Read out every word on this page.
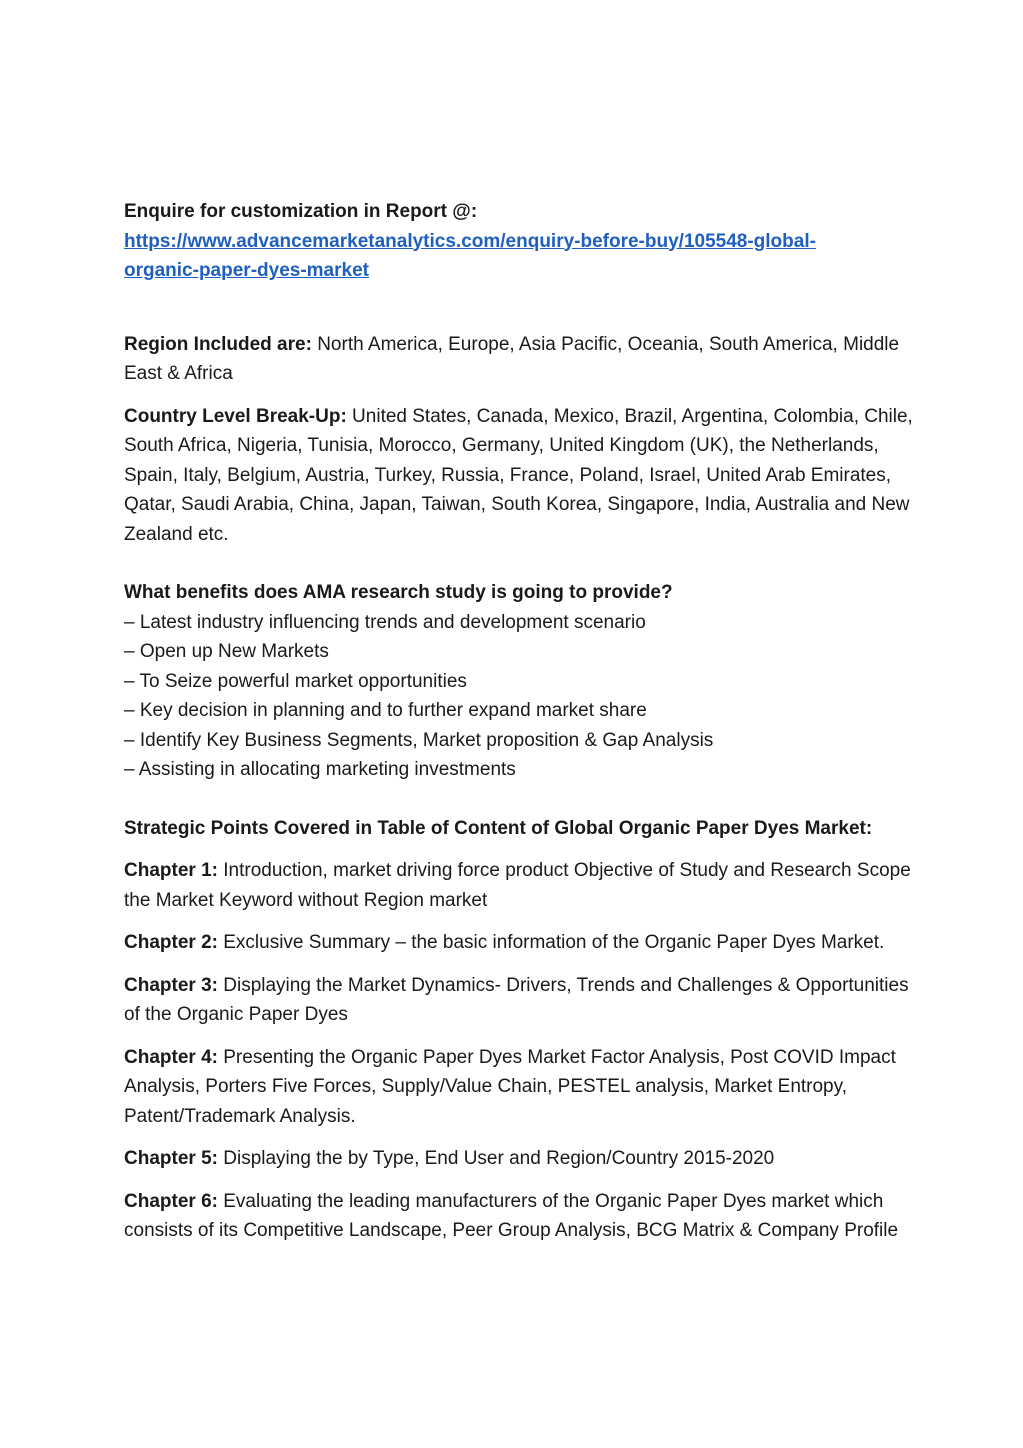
Enquire for customization in Report @:

https://www.advancemarketanalytics.com/enquiry-before-buy/105548-global-
organic-paper-dyes-market

Region Included are: North America, Europe, Asia Pacific, Oceania, South America, Middle East & Africa

Country Level Break-Up: United States, Canada, Mexico, Brazil, Argentina, Colombia, Chile, South Africa, Nigeria, Tunisia, Morocco, Germany, United Kingdom (UK), the Netherlands, Spain, Italy, Belgium, Austria, Turkey, Russia, France, Poland, Israel, United Arab Emirates, Qatar, Saudi Arabia, China, Japan, Taiwan, South Korea, Singapore, India, Australia and New Zealand etc.

What benefits does AMA research study is going to provide?

– Latest industry influencing trends and development scenario
– Open up New Markets
– To Seize powerful market opportunities
– Key decision in planning and to further expand market share
– Identify Key Business Segments, Market proposition & Gap Analysis
– Assisting in allocating marketing investments

Strategic Points Covered in Table of Content of Global Organic Paper Dyes Market:

Chapter 1: Introduction, market driving force product Objective of Study and Research Scope the Market Keyword without Region market

Chapter 2: Exclusive Summary – the basic information of the Organic Paper Dyes Market.

Chapter 3: Displaying the Market Dynamics- Drivers, Trends and Challenges & Opportunities of the Organic Paper Dyes

Chapter 4: Presenting the Organic Paper Dyes Market Factor Analysis, Post COVID Impact Analysis, Porters Five Forces, Supply/Value Chain, PESTEL analysis, Market Entropy, Patent/Trademark Analysis.

Chapter 5: Displaying the by Type, End User and Region/Country 2015-2020

Chapter 6: Evaluating the leading manufacturers of the Organic Paper Dyes market which consists of its Competitive Landscape, Peer Group Analysis, BCG Matrix & Company Profile
